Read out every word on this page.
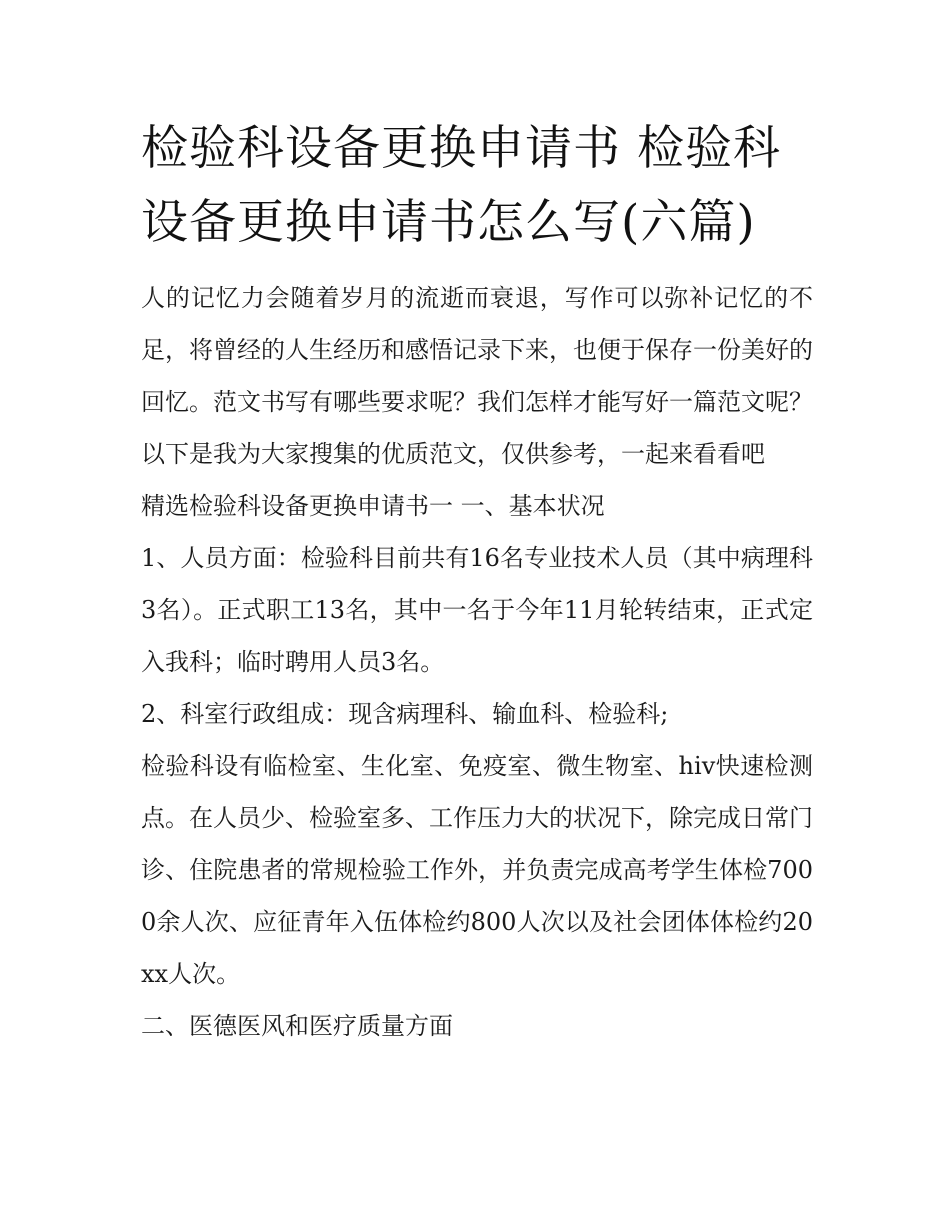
检验科设备更换申请书 检验科设备更换申请书怎么写(六篇)

人的记忆力会随着岁月的流逝而衰退，写作可以弥补记忆的不足，将曾经的人生经历和感悟记录下来，也便于保存一份美好的回忆。范文书写有哪些要求呢？我们怎样才能写好一篇范文呢？以下是我为大家搜集的优质范文，仅供参考，一起来看看吧

精选检验科设备更换申请书一 一、基本状况

1、人员方面：检验科目前共有16名专业技术人员（其中病理科3名）。正式职工13名，其中一名于今年11月轮转结束，正式定入我科；临时聘用人员3名。

2、科室行政组成：现含病理科、输血科、检验科;

检验科设有临检室、生化室、免疫室、微生物室、hiv快速检测点。在人员少、检验室多、工作压力大的状况下，除完成日常门诊、住院患者的常规检验工作外，并负责完成高考学生体检7000余人次、应征青年入伍体检约800人次以及社会团体体检约20xx人次。

二、医德医风和医疗质量方面
